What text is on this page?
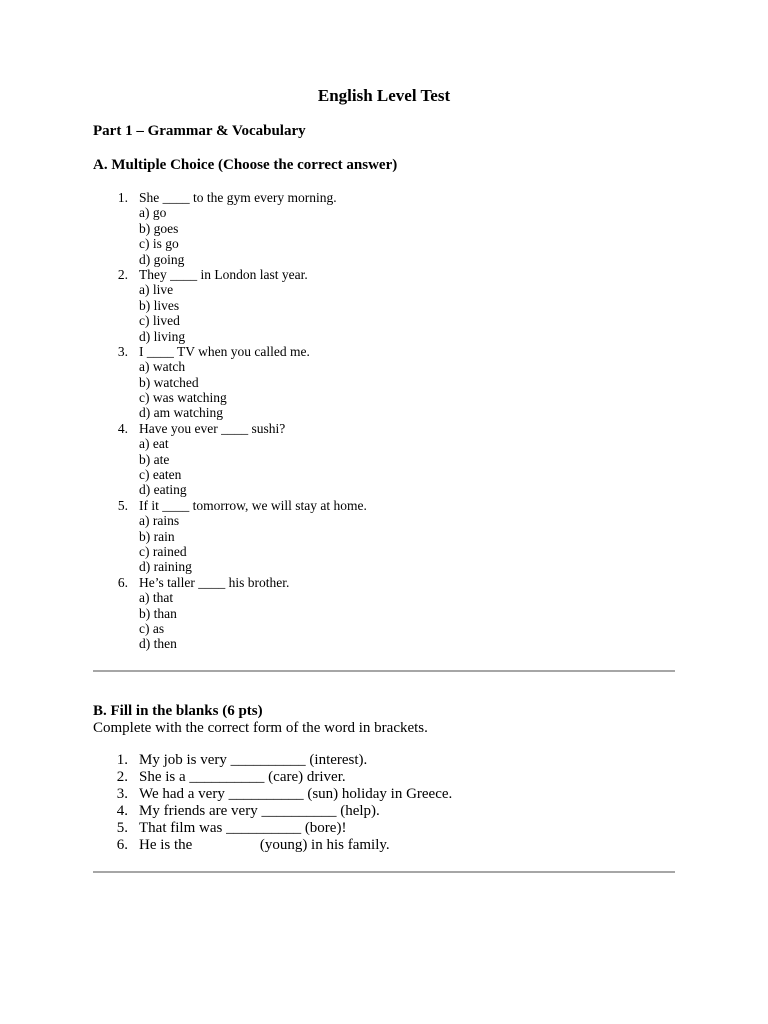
English Level Test
Part 1 – Grammar & Vocabulary
A. Multiple Choice (Choose the correct answer)
1. She ____ to the gym every morning.
a) go
b) goes
c) is go
d) going
2. They ____ in London last year.
a) live
b) lives
c) lived
d) living
3. I ____ TV when you called me.
a) watch
b) watched
c) was watching
d) am watching
4. Have you ever ____ sushi?
a) eat
b) ate
c) eaten
d) eating
5. If it ____ tomorrow, we will stay at home.
a) rains
b) rain
c) rained
d) raining
6. He’s taller ____ his brother.
a) that
b) than
c) as
d) then
B. Fill in the blanks (6 pts)
Complete with the correct form of the word in brackets.
1. My job is very __________ (interest).
2. She is a __________ (care) driver.
3. We had a very __________ (sun) holiday in Greece.
4. My friends are very __________ (help).
5. That film was __________ (bore)!
6. He is the                  (young) in his family.
